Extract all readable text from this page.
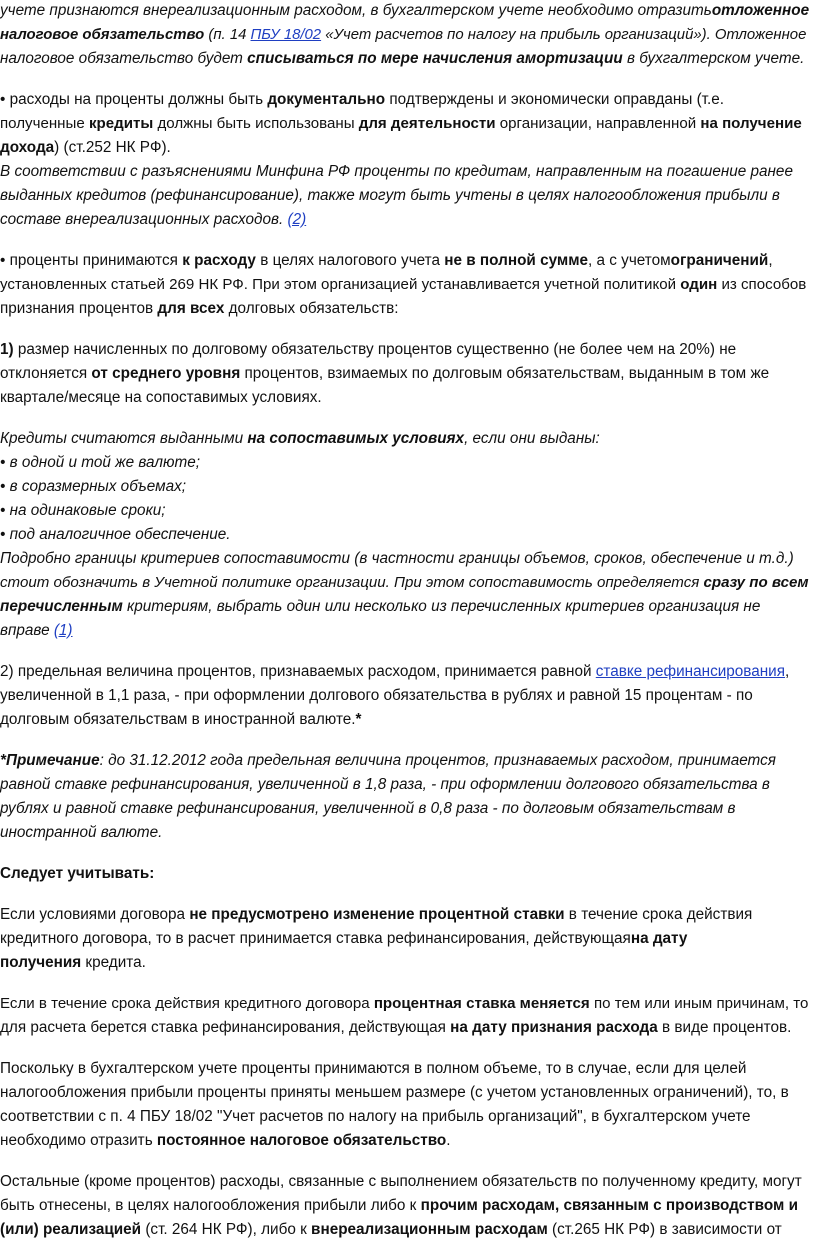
учете признаются внереализационным расходом, в бухгалтерском учете необходимо отразитьотложенное
налоговое обязательство (п. 14 ПБУ 18/02 «Учет расчетов по налогу на прибыль организаций»). Отложенное
налоговое обязательство будет списываться по мере начисления амортизации в бухгалтерском учете.

• расходы на проценты должны быть документально подтверждены и экономически оправданы (т.е.
полученные кредиты должны быть использованы для деятельности организации, направленной на получение
дохода) (ст.252 НК РФ).
В соответствии с разъяснениями Минфина РФ проценты по кредитам, направленным на погашение ранее
выданных кредитов (рефинансирование), также могут быть учтены в целях налогообложения прибыли в
составе внереализационных расходов. (2)

• проценты принимаются к расходу в целях налогового учета не в полной сумме, а с учетомограничений,
установленных статьей 269 НК РФ. При этом организацией устанавливается учетной политикой один из способов
признания процентов для всех долговых обязательств:

1) размер начисленных по долговому обязательству процентов существенно (не более чем на 20%) не
отклоняется от среднего уровня процентов, взимаемых по долговым обязательствам, выданным в том же
квартале/месяце на сопоставимых условиях.

Кредиты считаются выданными на сопоставимых условиях, если они выданы:
• в одной и той же валюте;
• в соразмерных объемах;
• на одинаковые сроки;
• под аналогичное обеспечение.
Подробно границы критериев сопоставимости (в частности границы объемов, сроков, обеспечение и т.д.)
стоит обозначить в Учетной политике организации. При этом сопоставимость определяется сразу по всем
перечисленным критериям, выбрать один или несколько из перечисленных критериев организация не
вправе (1)

2) предельная величина процентов, признаваемых расходом, принимается равной ставке рефинансирования,
увеличенной в 1,1 раза, - при оформлении долгового обязательства в рублях и равной 15 процентам - по
долговым обязательствам в иностранной валюте.*

*Примечание: до 31.12.2012 года предельная величина процентов, признаваемых расходом, принимается
равной ставке рефинансирования, увеличенной в 1,8 раза, - при оформлении долгового обязательства в
рублях и равной ставке рефинансирования, увеличенной в 0,8 раза - по долговым обязательствам в
иностранной валюте.

Следует учитывать:

Если условиями договора не предусмотрено изменение процентной ставки в течение срока действия
кредитного договора, то в расчет принимается ставка рефинансирования, действующаяна дату
получения кредита.

Если в течение срока действия кредитного договора процентная ставка меняется по тем или иным причинам, то
для расчета берется ставка рефинансирования, действующая на дату признания расхода в виде процентов.

Поскольку в бухгалтерском учете проценты принимаются в полном объеме, то в случае, если для целей
налогообложения прибыли проценты приняты меньшем размере (с учетом установленных ограничений), то, в
соответствии с п. 4 ПБУ 18/02 "Учет расчетов по налогу на прибыль организаций", в бухгалтерском учете
необходимо отразить постоянное налоговое обязательство.

Остальные (кроме процентов) расходы, связанные с выполнением обязательств по полученному кредиту, могут
быть отнесены, в целях налогообложения прибыли либо к прочим расходам, связанным с производством и
(или) реализацией (ст. 264 НК РФ), либо к внереализационным расходам (ст.265 НК РФ) в зависимости от
